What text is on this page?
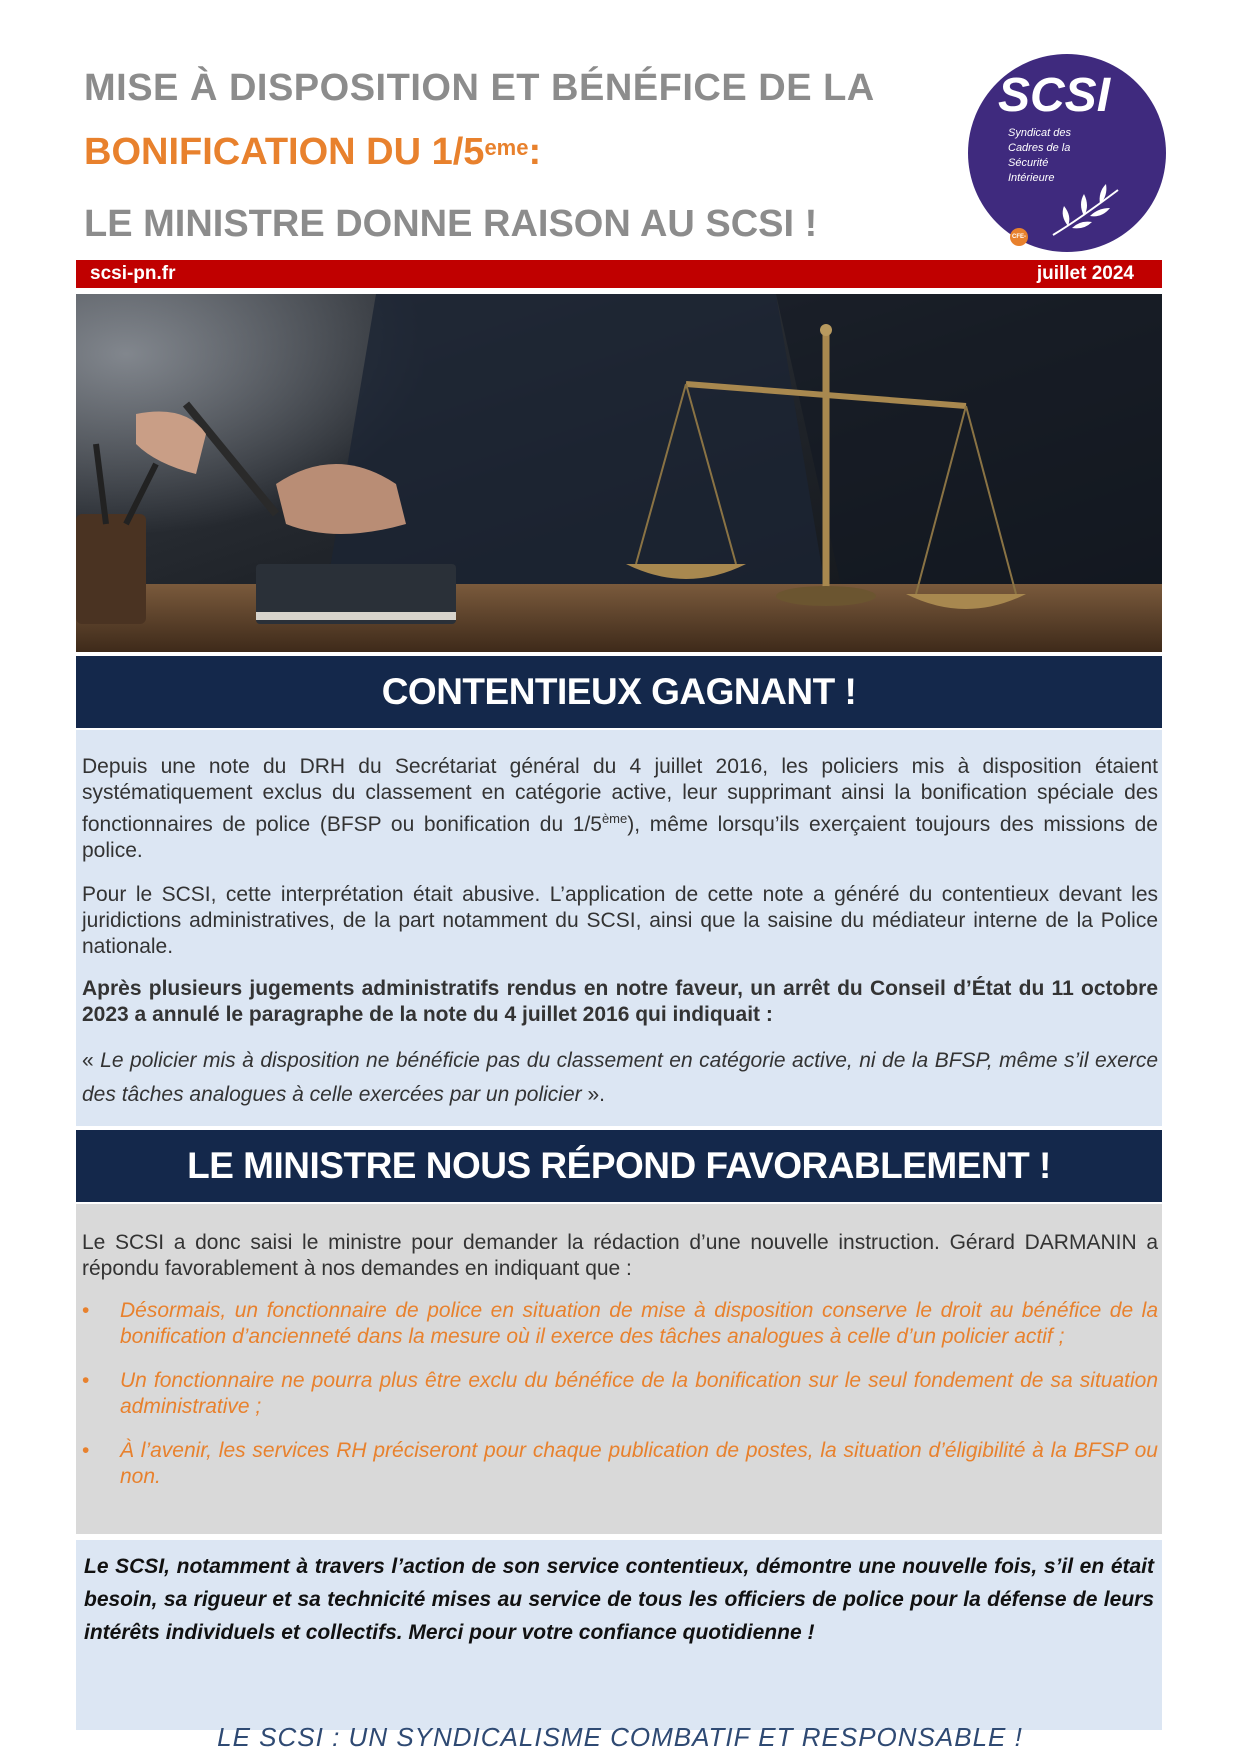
MISE À DISPOSITION ET BÉNÉFICE DE LA
BONIFICATION DU 1/5eme:
LE MINISTRE DONNE RAISON AU SCSI !
SCSI
Syndicat des
Cadres de la
Sécurité
Intérieure
CFE-CGC
scsi-pn.fr	juillet 2024
CONTENTIEUX GAGNANT !

Depuis une note du DRH du Secrétariat général du 4 juillet 2016, les policiers mis à disposition étaient systématiquement exclus du classement en catégorie active, leur supprimant ainsi la bonification spéciale des fonctionnaires de police (BFSP ou bonification du 1/5ème), même lorsqu’ils exerçaient toujours des missions de police.

Pour le SCSI, cette interprétation était abusive. L’application de cette note a généré du contentieux devant les juridictions administratives, de la part notamment du SCSI, ainsi que la saisine du médiateur interne de la Police nationale.

Après plusieurs jugements administratifs rendus en notre faveur, un arrêt du Conseil d’État du 11 octobre 2023 a annulé le paragraphe de la note du 4 juillet 2016 qui indiquait :

« Le policier mis à disposition ne bénéficie pas du classement en catégorie active, ni de la BFSP, même s’il exerce des tâches analogues à celle exercées par un policier ».

LE MINISTRE NOUS RÉPOND FAVORABLEMENT !

Le SCSI a donc saisi le ministre pour demander la rédaction d’une nouvelle instruction. Gérard DARMANIN a répondu favorablement à nos demandes en indiquant que :

• Désormais, un fonctionnaire de police en situation de mise à disposition conserve le droit au bénéfice de la bonification d’ancienneté dans la mesure où il exerce des tâches analogues à celle d’un policier actif ;
• Un fonctionnaire ne pourra plus être exclu du bénéfice de la bonification sur le seul fondement de sa situation administrative ;
• À l’avenir, les services RH préciseront pour chaque publication de postes, la situation d’éligibilité à la BFSP ou non.

Le SCSI, notamment à travers l’action de son service contentieux, démontre une nouvelle fois, s’il en était besoin, sa rigueur et sa technicité mises au service de tous les officiers de police pour la défense de leurs intérêts individuels et collectifs. Merci pour votre confiance quotidienne !

LE SCSI : UN SYNDICALISME COMBATIF ET RESPONSABLE !
